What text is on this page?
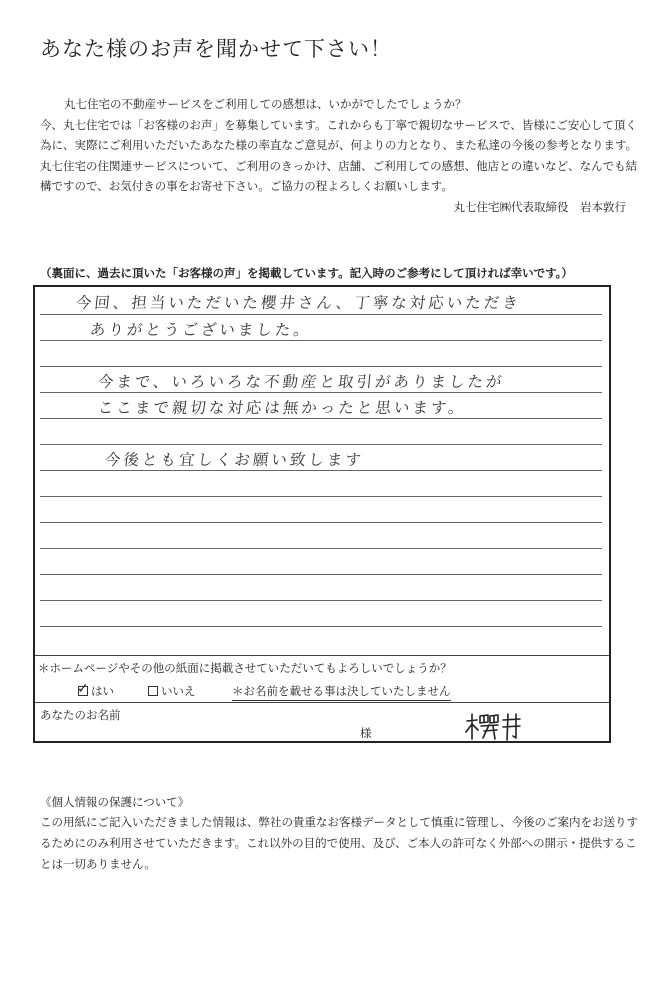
あなた様のお声を聞かせて下さい！
丸七住宅の不動産サービスをご利用しての感想は、いかがでしたでしょうか？
今、丸七住宅では「お客様のお声」を募集しています。これからも丁寧で親切なサービスで、皆様にご安心して頂く為に、実際にご利用いただいたあなた様の率直なご意見が、何よりの力となり、また私達の今後の参考となります。丸七住宅の住関連サービスについて、ご利用のきっかけ、店舗、ご利用しての感想、他店との違いなど、なんでも結構ですので、お気付きの事をお寄せ下さい。ご協力の程よろしくお願いします。
丸七住宅㈱代表取締役　岩本敦行
（裏面に、過去に頂いた「お客様の声」を掲載しています。記入時のご参考にして頂ければ幸いです。）
今回、担当いただいた櫻井さん、丁寧な対応いただき
ありがとうございました。
今まで、いろいろな不動産と取引がありましたが
ここまで親切な対応は無かったと思います。
今後とも宜しくお願い致します
＊ホームページやその他の紙面に掲載させていただいてもよろしいでしょうか？
✓ はい	いいえ	＊お名前を載せる事は決していたしません
あなたのお名前
様
《個人情報の保護について》
この用紙にご記入いただきました情報は、弊社の貴重なお客様データとして慎重に管理し、今後のご案内をお送りするためにのみ利用させていただきます。これ以外の目的で使用、及び、ご本人の許可なく外部への開示・提供することは一切ありません。
